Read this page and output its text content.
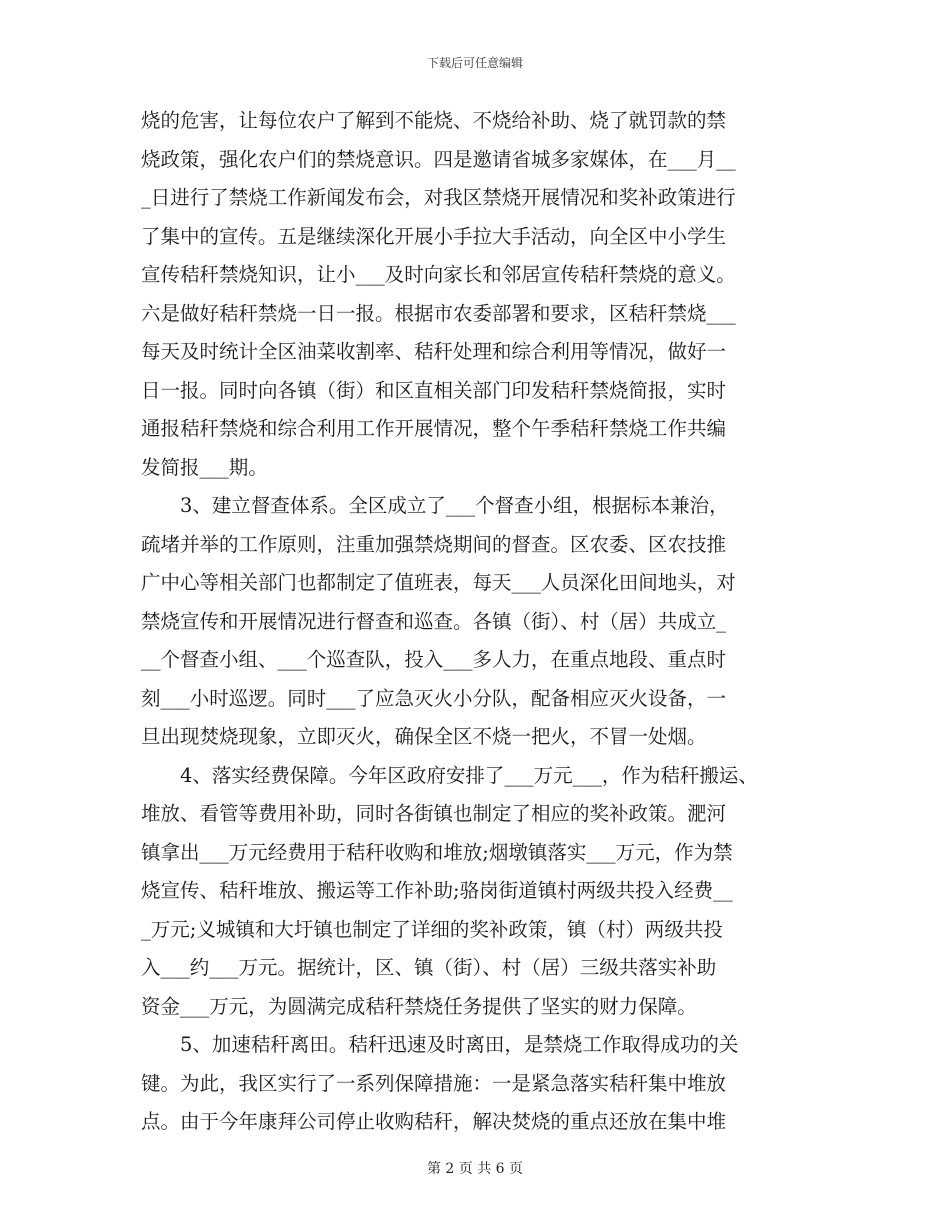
下载后可任意编辑
烧的危害，让每位农户了解到不能烧、不烧给补助、烧了就罚款的禁
烧政策，强化农户们的禁烧意识。四是邀请省城多家媒体，在___月__
_日进行了禁烧工作新闻发布会，对我区禁烧开展情况和奖补政策进行
了集中的宣传。五是继续深化开展小手拉大手活动，向全区中小学生
宣传秸秆禁烧知识，让小___及时向家长和邻居宣传秸秆禁烧的意义。
六是做好秸秆禁烧一日一报。根据市农委部署和要求，区秸秆禁烧___
每天及时统计全区油菜收割率、秸秆处理和综合利用等情况，做好一
日一报。同时向各镇（街）和区直相关部门印发秸秆禁烧简报，实时
通报秸秆禁烧和综合利用工作开展情况，整个午季秸秆禁烧工作共编
发简报___期。
3、建立督查体系。全区成立了___个督查小组，根据标本兼治，
疏堵并举的工作原则，注重加强禁烧期间的督查。区农委、区农技推
广中心等相关部门也都制定了值班表，每天___人员深化田间地头，对
禁烧宣传和开展情况进行督查和巡查。各镇（街）、村（居）共成立_
__个督查小组、___个巡查队，投入___多人力，在重点地段、重点时
刻___小时巡逻。同时___了应急灭火小分队，配备相应灭火设备，一
旦出现焚烧现象，立即灭火，确保全区不烧一把火，不冒一处烟。
4、落实经费保障。今年区政府安排了___万元___，作为秸秆搬运、
堆放、看管等费用补助，同时各街镇也制定了相应的奖补政策。淝河
镇拿出___万元经费用于秸秆收购和堆放;烟墩镇落实___万元，作为禁
烧宣传、秸秆堆放、搬运等工作补助;骆岗街道镇村两级共投入经费__
_万元;义城镇和大圩镇也制定了详细的奖补政策，镇（村）两级共投
入___约___万元。据统计，区、镇（街）、村（居）三级共落实补助
资金___万元，为圆满完成秸秆禁烧任务提供了坚实的财力保障。
5、加速秸秆离田。秸秆迅速及时离田，是禁烧工作取得成功的关
键。为此，我区实行了一系列保障措施：一是紧急落实秸秆集中堆放
点。由于今年康拜公司停止收购秸秆，解决焚烧的重点还放在集中堆
第 2 页 共 6 页
